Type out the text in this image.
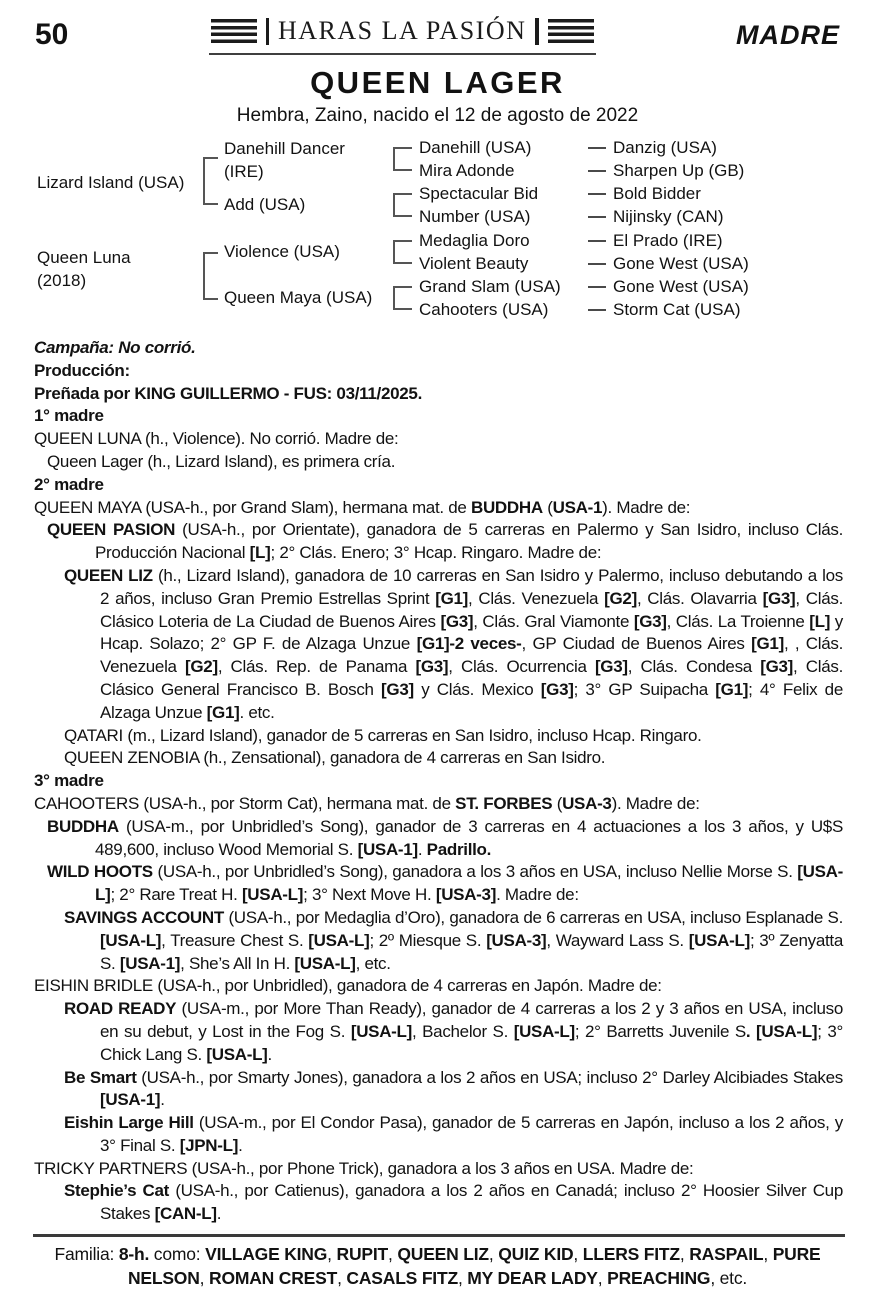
50	HARAS LA PASIÓN	MADRE
QUEEN LAGER

Hembra, Zaino, nacido el 12 de agosto de 2022

Lizard Island (USA)
Queen Luna (2018)
Danehill Dancer (IRE)
Add (USA)
Violence (USA)
Queen Maya (USA)
Danehill (USA)
Mira Adonde
Spectacular Bid
Number (USA)
Medaglia Doro
Violent Beauty
Grand Slam (USA)
Cahooters (USA)
Danzig (USA)
Sharpen Up (GB)
Bold Bidder
Nijinsky (CAN)
El Prado (IRE)
Gone West (USA)
Gone West (USA)
Storm Cat (USA)

Campaña: No corrió.

Producción:

Preñada por KING GUILLERMO - FUS: 03/11/2025.

1° madre

QUEEN LUNA (h., Violence). No corrió. Madre de:

Queen Lager (h., Lizard Island), es primera cría.

2° madre

QUEEN MAYA (USA-h., por Grand Slam), hermana mat. de BUDDHA (USA-1). Madre de:

QUEEN PASION (USA-h., por Orientate), ganadora de 5 carreras en Palermo y San Isidro, incluso Clás. Producción Nacional [L]; 2° Clás. Enero; 3° Hcap. Ringaro. Madre de:

QUEEN LIZ (h., Lizard Island), ganadora de 10 carreras en San Isidro y Palermo, incluso debutando a los 2 años, incluso Gran Premio Estrellas Sprint [G1], Clás. Venezuela [G2], Clás. Olavarria [G3], Clás. Clásico Loteria de La Ciudad de Buenos Aires [G3], Clás. Gral Viamonte [G3], Clás. La Troienne [L] y Hcap. Solazo; 2° GP F. de Alzaga Unzue [G1]-2 veces-, GP Ciudad de Buenos Aires [G1], , Clás. Venezuela [G2], Clás. Rep. de Panama [G3], Clás. Ocurrencia [G3], Clás. Condesa [G3], Clás. Clásico General Francisco B. Bosch [G3] y Clás. Mexico [G3]; 3° GP Suipacha [G1]; 4° Felix de Alzaga Unzue [G1]. etc.

QATARI (m., Lizard Island), ganador de 5 carreras en San Isidro, incluso Hcap. Ringaro.

QUEEN ZENOBIA (h., Zensational), ganadora de 4 carreras en San Isidro.

3° madre

CAHOOTERS (USA-h., por Storm Cat), hermana mat. de ST. FORBES (USA-3). Madre de:

BUDDHA (USA-m., por Unbridled’s Song), ganador de 3 carreras en 4 actuaciones a los 3 años, y U$S 489,600, incluso Wood Memorial S. [USA-1]. Padrillo.

WILD HOOTS (USA-h., por Unbridled’s Song), ganadora a los 3 años en USA, incluso Nellie Morse S. [USA-L]; 2° Rare Treat H. [USA-L]; 3° Next Move H. [USA-3]. Madre de:

SAVINGS ACCOUNT (USA-h., por Medaglia d’Oro), ganadora de 6 carreras en USA, incluso Esplanade S. [USA-L], Treasure Chest S. [USA-L]; 2º Miesque S. [USA-3], Wayward Lass S. [USA-L]; 3º Zenyatta S. [USA-1], She’s All In H. [USA-L], etc.

EISHIN BRIDLE (USA-h., por Unbridled), ganadora de 4 carreras en Japón. Madre de:

ROAD READY (USA-m., por More Than Ready), ganador de 4 carreras a los 2 y 3 años en USA, incluso en su debut, y Lost in the Fog S. [USA-L], Bachelor S. [USA-L]; 2° Barretts Juvenile S. [USA-L]; 3° Chick Lang S. [USA-L].

Be Smart (USA-h., por Smarty Jones), ganadora a los 2 años en USA; incluso 2° Darley Alcibiades Stakes [USA-1].

Eishin Large Hill (USA-m., por El Condor Pasa), ganador de 5 carreras en Japón, incluso a los 2 años, y 3° Final S. [JPN-L].

TRICKY PARTNERS (USA-h., por Phone Trick), ganadora a los 3 años en USA. Madre de:

Stephie’s Cat (USA-h., por Catienus), ganadora a los 2 años en Canadá; incluso 2° Hoosier Silver Cup Stakes [CAN-L].

Familia: 8-h. como: VILLAGE KING, RUPIT, QUEEN LIZ, QUIZ KID, LLERS FITZ, RASPAIL, PURE NELSON, ROMAN CREST, CASALS FITZ, MY DEAR LADY, PREACHING, etc.
